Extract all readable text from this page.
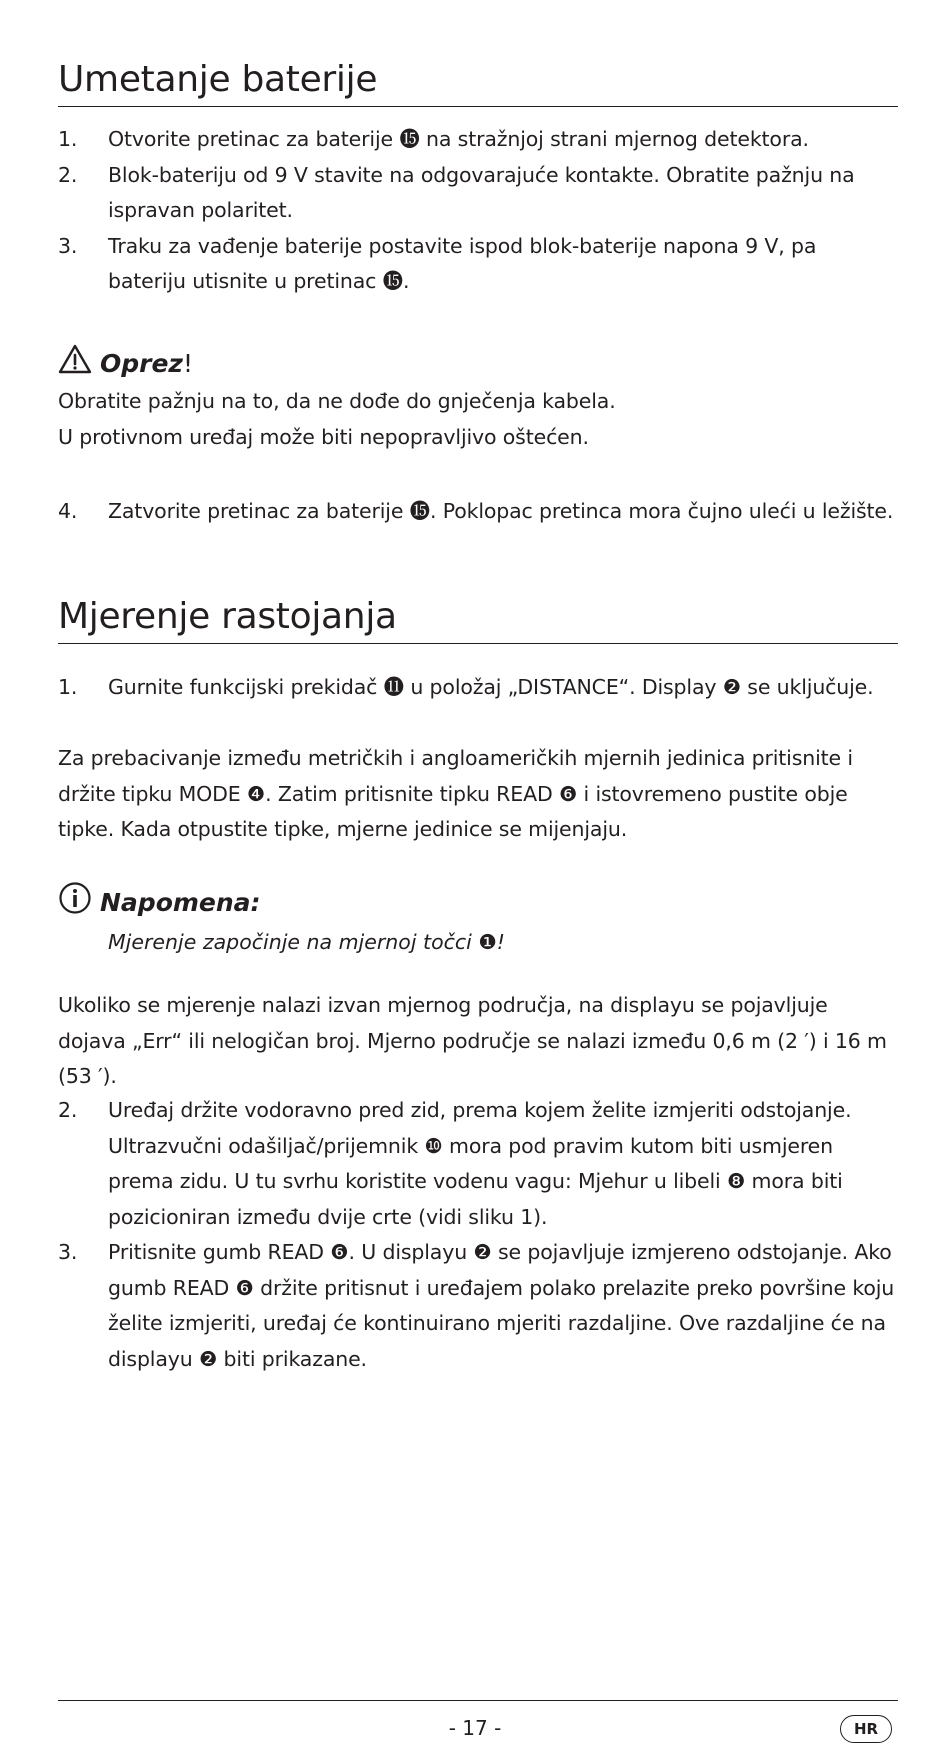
Umetanje baterije
1. Otvorite pretinac za baterije ⓯ na stražnjoj strani mjernog detektora.
2. Blok-bateriju od 9 V stavite na odgovarajuće kontakte. Obratite pažnju na ispravan polaritet.
3. Traku za vađenje baterije postavite ispod blok-baterije napona 9 V, pa bateriju utisnite u pretinac ⓯.
Oprez!

Obratite pažnju na to, da ne dođe do gnječenja kabela.

U protivnom uređaj može biti nepopravljivo oštećen.

4. Zatvorite pretinac za baterije ⓯. Poklopac pretinca mora čujno uleći u ležište.
Mjerenje rastojanja
1. Gurnite funkcijski prekidač ⓫ u položaj „DISTANCE“. Display ❷ se uključuje.

Za prebacivanje između metričkih i angloameričkih mjernih jedinica pritisnite i držite tipku MODE ❹. Zatim pritisnite tipku READ ❻ i istovremeno pustite obje tipke. Kada otpustite tipke, mjerne jedinice se mijenjaju.

Napomena:
Mjerenje započinje na mjernoj točci ❶!

Ukoliko se mjerenje nalazi izvan mjernog područja, na displayu se pojavljuje dojava „Err“ ili nelogičan broj. Mjerno područje se nalazi između 0,6 m (2 ′) i 16 m (53 ′).

2. Uređaj držite vodoravno pred zid, prema kojem želite izmjeriti odstojanje. Ultrazvučni odašiljač/prijemnik ❿ mora pod pravim kutom biti usmjeren prema zidu. U tu svrhu koristite vodenu vagu: Mjehur u libeli ❽ mora biti pozicioniran između dvije crte (vidi sliku 1).
3. Pritisnite gumb READ ❻. U displayu ❷ se pojavljuje izmjereno odstojanje. Ako gumb READ ❻ držite pritisnut i uređajem polako prelazite preko površine koju želite izmjeriti, uređaj će kontinuirano mjeriti razdaljine. Ove razdaljine će na displayu ❷ biti prikazane.
- 17 -	HR
